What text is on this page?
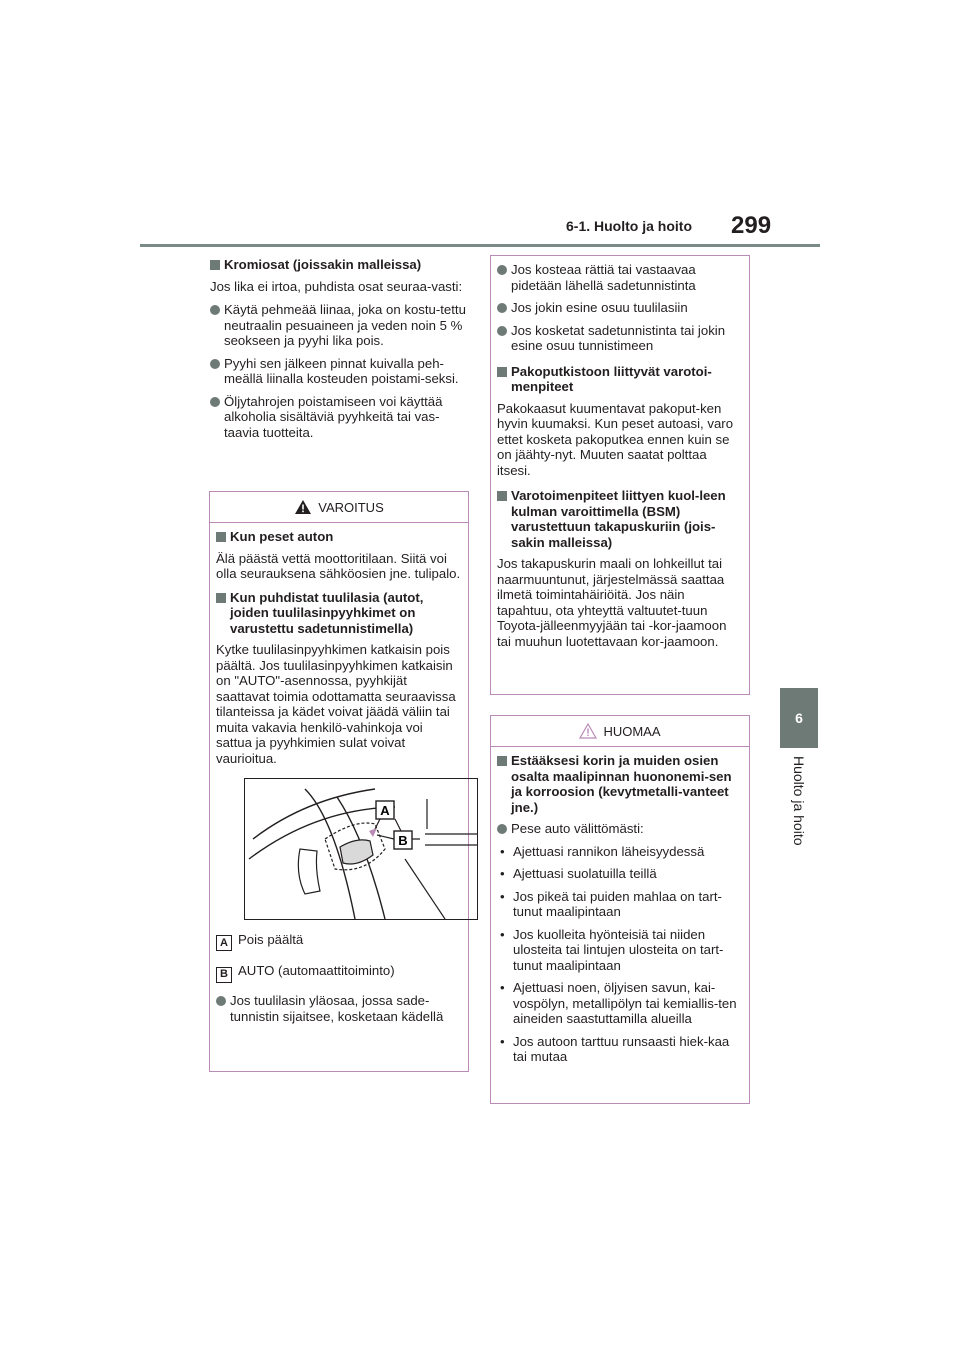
6-1. Huolto ja hoito 299
6
Huolto ja hoito
Kromiosat (joissakin malleissa)
Jos lika ei irtoa, puhdista osat seuraa-vasti:
Käytä pehmeää liinaa, joka on kostu-tettu neutraalin pesuaineen ja veden noin 5 % seokseen ja pyyhi lika pois.
Pyyhi sen jälkeen pinnat kuivalla peh-meällä liinalla kosteuden poistami-seksi.
Öljytahrojen poistamiseen voi käyttää alkoholia sisältäviä pyyhkeitä tai vas-taavia tuotteita.
VAROITUS
Kun peset auton
Älä päästä vettä moottoritilaan. Siitä voi olla seurauksena sähköosien jne. tulipalo.
Kun puhdistat tuulilasia (autot, joiden tuulilasinpyyhkimet on varustettu sadetunnistimella)
Kytke tuulilasinpyyhkimen katkaisin pois päältä. Jos tuulilasinpyyhkimen katkaisin on "AUTO"-asennossa, pyyhkijät saattavat toimia odottamatta seuraavissa tilanteissa ja kädet voivat jäädä väliin tai muita vakavia henkilö-vahinkoja voi sattua ja pyyhkimien sulat voivat vaurioitua.
A
B
A Pois päältä
B AUTO (automaattitoiminto)
Jos tuulilasin yläosaa, jossa sade-tunnistin sijaitsee, kosketaan kädellä
Jos kosteaa rättiä tai vastaavaa pidetään lähellä sadetunnistinta
Jos jokin esine osuu tuulilasiin
Jos kosketat sadetunnistinta tai jokin esine osuu tunnistimeen
Pakoputkistoon liittyvät varotoi-menpiteet
Pakokaasut kuumentavat pakoput-ken hyvin kuumaksi. Kun peset autoasi, varo ettet kosketa pakoputkea ennen kuin se on jäähty-nyt. Muuten saatat polttaa itsesi.
Varotoimenpiteet liittyen kuol-leen kulman varoittimella (BSM) varustettuun takapuskuriin (jois-sakin malleissa)
Jos takapuskurin maali on lohkeillut tai naarmuuntunut, järjestelmässä saattaa ilmetä toimintahäiriöitä. Jos näin tapahtuu, ota yhteyttä valtuutet-tuun Toyota-jälleenmyyjään tai -kor-jaamoon tai muuhun luotettavaan kor-jaamoon.
HUOMAA
Estääksesi korin ja muiden osien osalta maalipinnan huononemi-sen ja korroosion (kevytmetalli-vanteet jne.)
Pese auto välittömästi:
• Ajettuasi rannikon läheisyydessä
• Ajettuasi suolatuilla teillä
• Jos pikeä tai puiden mahlaa on tart-tunut maalipintaan
• Jos kuolleita hyönteisiä tai niiden ulosteita tai lintujen ulosteita on tart-tunut maalipintaan
• Ajettuasi noen, öljyisen savun, kai-vospölyn, metallipölyn tai kemiallis-ten aineiden saastuttamilla alueilla
• Jos autoon tarttuu runsaasti hiek-kaa tai mutaa
